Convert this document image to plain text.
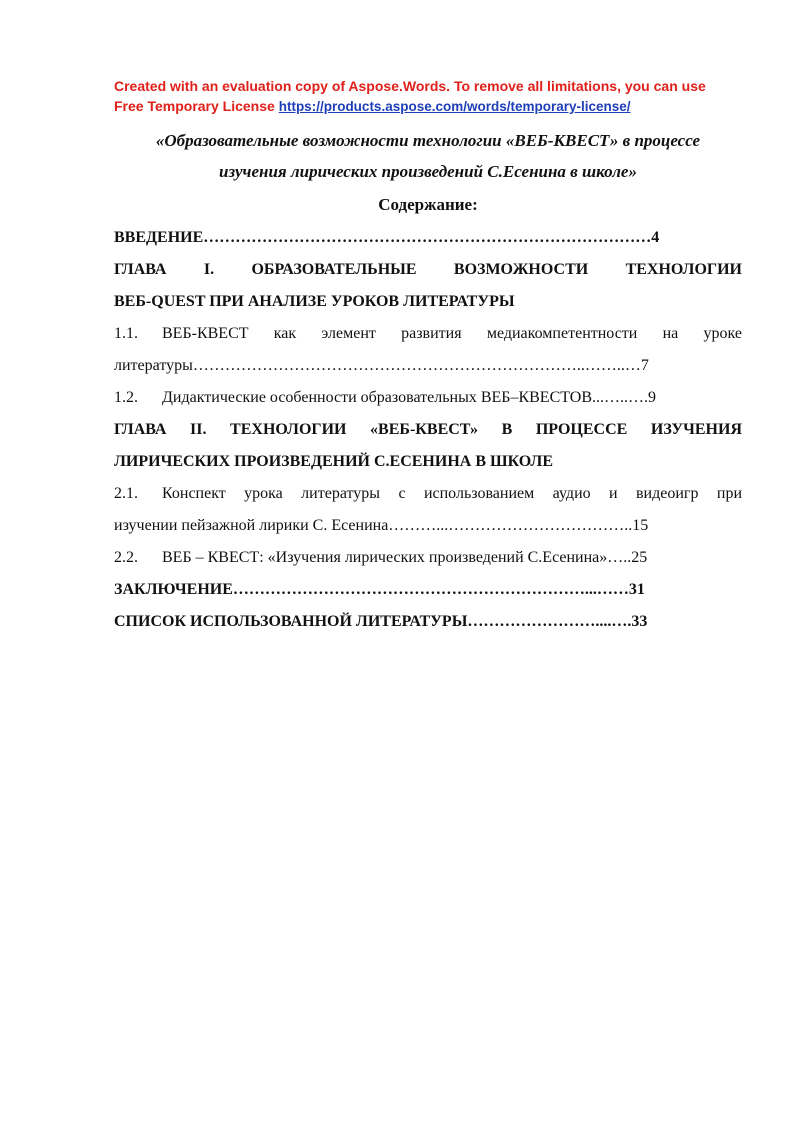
Created with an evaluation copy of Aspose.Words. To remove all limitations, you can use
Free Temporary License https://products.aspose.com/words/temporary-license/
«Образовательные возможности технологии «ВЕБ-КВЕСТ» в процессе
изучения лирических произведений С.Есенина в школе»
Содержание:
ВВЕДЕНИЕ…………………………………………………………………………4
ГЛАВА I. ОБРАЗОВАТЕЛЬНЫЕ ВОЗМОЖНОСТИ ТЕХНОЛОГИИ
ВЕБ-QUEST ПРИ АНАЛИЗЕ УРОКОВ ЛИТЕРАТУРЫ
1.1.	ВЕБ-КВЕСТ как элемент развития медиакомпетентности на уроке
литературы………………………………………………………………..……..…7
1.2.	Дидактические особенности образовательных ВЕБ–КВЕСТОВ...…..….9
ГЛАВА II. ТЕХНОЛОГИИ «ВЕБ-КВЕСТ» В ПРОЦЕССЕ ИЗУЧЕНИЯ
ЛИРИЧЕСКИХ ПРОИЗВЕДЕНИЙ С.ЕСЕНИНА В ШКОЛЕ
2.1.	Конспект урока литературы с использованием аудио и видеоигр при
изучении пейзажной лирики С. Есенина………...……………………………..15
2.2.	ВЕБ – КВЕСТ: «Изучения лирических произведений С.Есенина»…..25
ЗАКЛЮЧЕНИЕ…………………………………………………………...……31
СПИСОК ИСПОЛЬЗОВАННОЙ ЛИТЕРАТУРЫ……………………....….33
